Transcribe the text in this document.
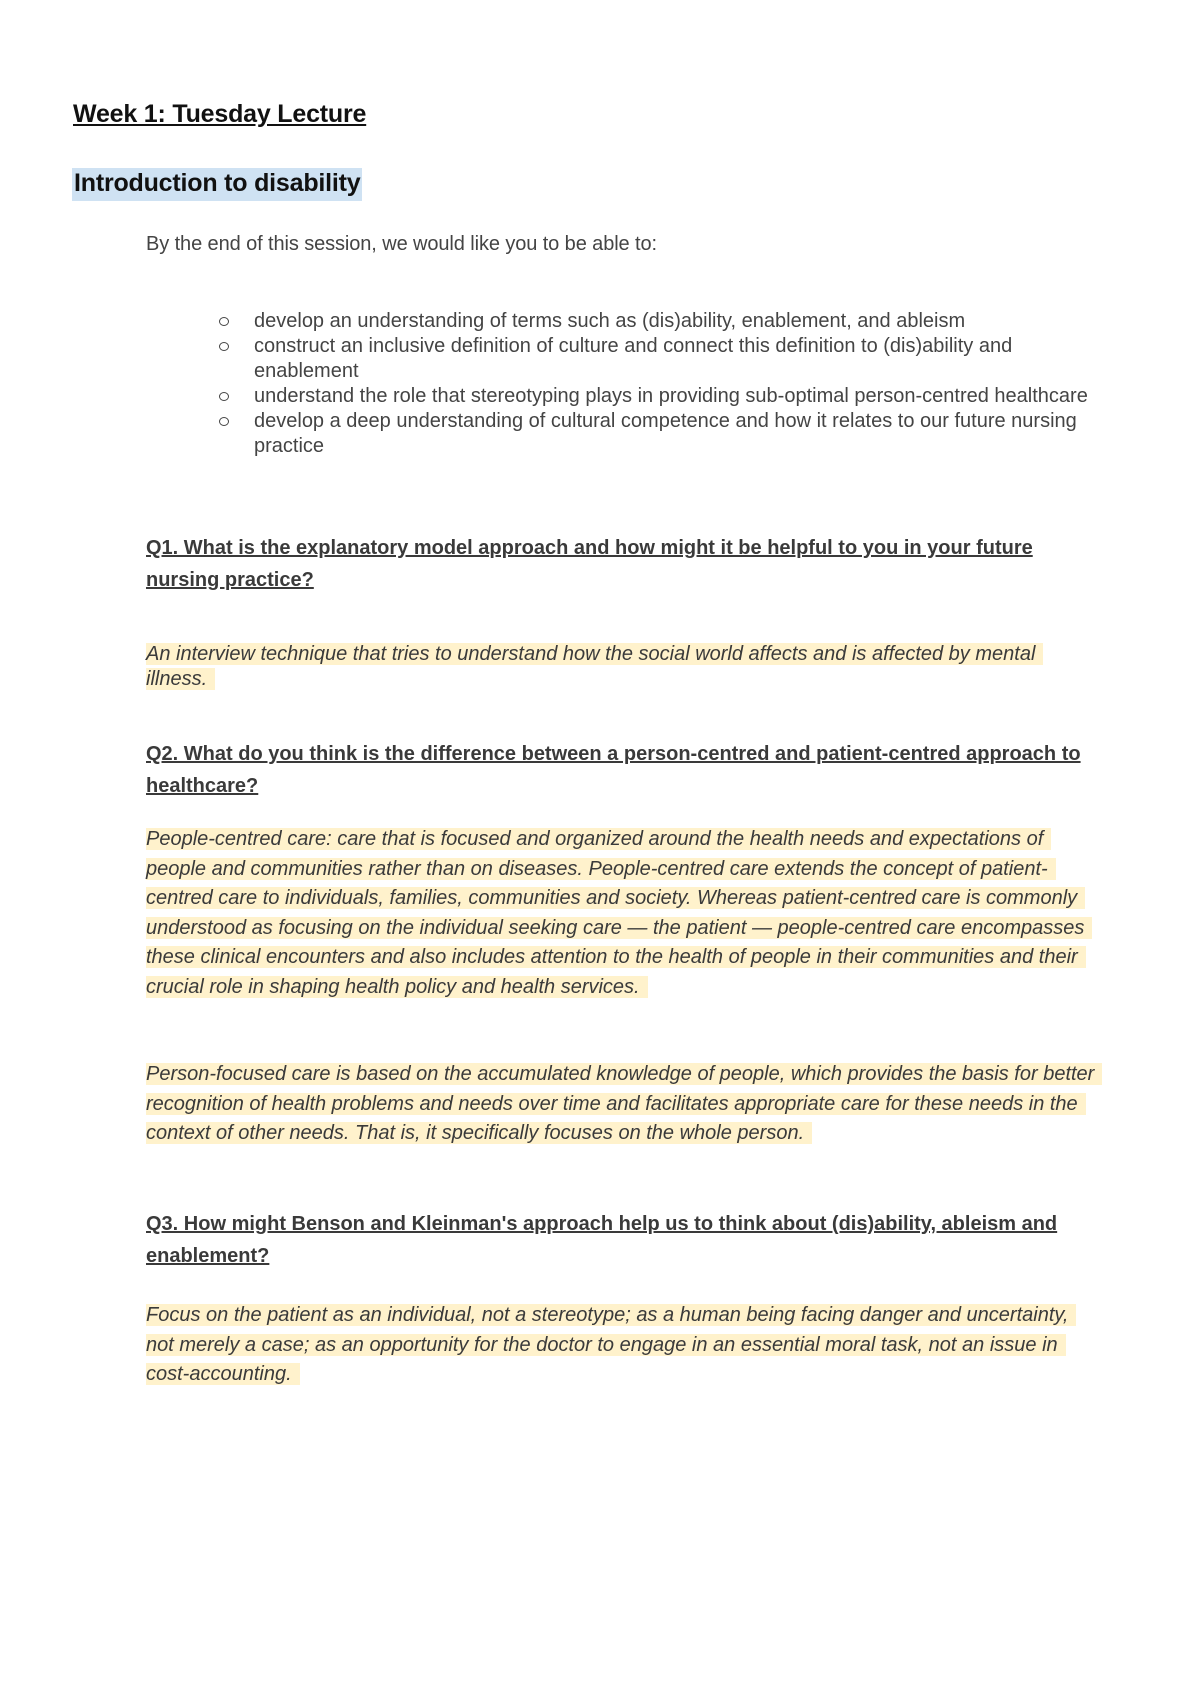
Week 1: Tuesday Lecture
Introduction to disability

By the end of this session, we would like you to be able to:

develop an understanding of terms such as (dis)ability, enablement, and ableism
construct an inclusive definition of culture and connect this definition to (dis)ability and enablement
understand the role that stereotyping plays in providing sub-optimal person-centred healthcare
develop a deep understanding of cultural competence and how it relates to our future nursing practice

Q1. What is the explanatory model approach and how might it be helpful to you in your future nursing practice?

An interview technique that tries to understand how the social world affects and is affected by mental illness.

Q2. What do you think is the difference between a person-centred and patient-centred approach to healthcare?

People-centred care: care that is focused and organized around the health needs and expectations of people and communities rather than on diseases. People-centred care extends the concept of patient-centred care to individuals, families, communities and society. Whereas patient-centred care is commonly understood as focusing on the individual seeking care — the patient — people-centred care encompasses these clinical encounters and also includes attention to the health of people in their communities and their crucial role in shaping health policy and health services.

Person-focused care is based on the accumulated knowledge of people, which provides the basis for better recognition of health problems and needs over time and facilitates appropriate care for these needs in the context of other needs. That is, it specifically focuses on the whole person.

Q3. How might Benson and Kleinman's approach help us to think about (dis)ability, ableism and enablement?

Focus on the patient as an individual, not a stereotype; as a human being facing danger and uncertainty, not merely a case; as an opportunity for the doctor to engage in an essential moral task, not an issue in cost-accounting.
